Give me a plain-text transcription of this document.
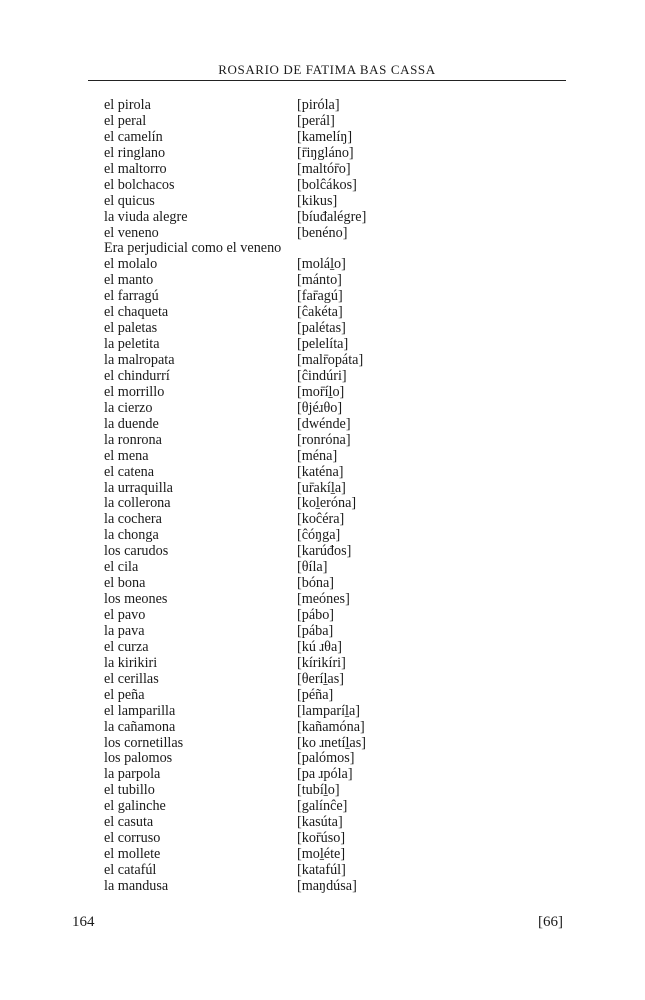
ROSARIO DE FATIMA BAS CASSA
el pirola	[piróla]
el peral	[perál]
el camelín	[kamelíŋ]
el ringlano	[r̄iŋgláno]
el maltorro	[maltór̄o]
el bolchacos	[bolĉákos]
el quicus	[kikus]
la viuda alegre	[bíuđalégre]
el veneno	[benéno]
Era perjudicial como el veneno
el molalo	[moláḻo]
el manto	[mánto]
el farragú	[far̄agú]
el chaqueta	[ĉakéta]
el paletas	[palétas]
la peletita	[pelelíta]
la malropata	[malr̄opáta]
el chindurrí	[ĉindúri]
el morrillo	[mor̄íḻo]
la cierzo	[θjéɹθo]
la duende	[dwénde]
la ronrona	[ronróna]
el mena	[ména]
el catena	[katéna]
la urraquilla	[ur̄akíḻa]
la collerona	[koḻeróna]
la cochera	[koĉéra]
la chonga	[ĉóŋga]
los carudos	[karúđos]
el cila	[θíla]
el bona	[bóna]
los meones	[meónes]
el pavo	[pábo]
la pava	[pába]
el curza	[kú ɹθa]
la kirikiri	[kírikíri]
el cerillas	[θeríḻas]
el peña	[péña]
el lamparilla	[lamparíḻa]
la cañamona	[kañamóna]
los cornetillas	[ko ɹnetíḻas]
los palomos	[palómos]
la parpola	[pa ɹpóla]
el tubillo	[tubíḻo]
el galinche	[galínĉe]
el casuta	[kasúta]
el corruso	[kor̄úso]
el mollete	[moḻéte]
el catafúl	[katafúl]
la mandusa	[maŋdúsa]
164	[66]
